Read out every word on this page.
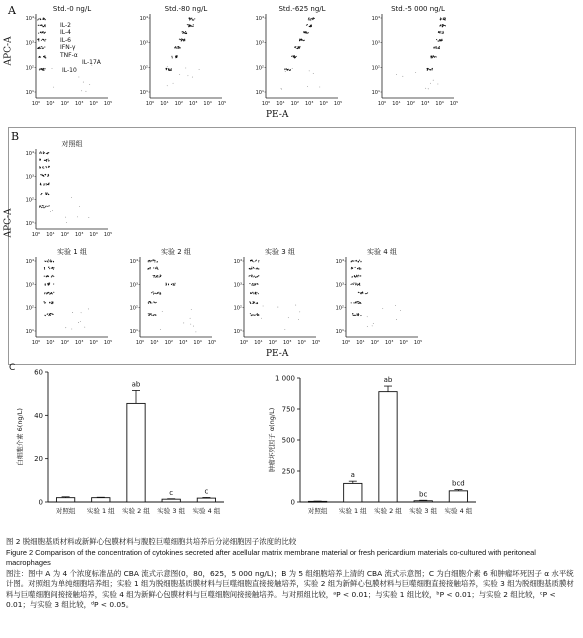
A
APC-A
PE-A
Std.-0 ng/L
10⁴
10³
10²
10¹
10⁰ 10¹ 10² 10³ 10⁴ 10⁵
Std.-80 ng/L
10⁴
10³
10²
10¹
10⁰ 10¹ 10² 10³ 10⁴ 10⁵
Std.-625 ng/L
10⁴
10³
10²
10¹
10⁰ 10¹ 10² 10³ 10⁴ 10⁵
Std.-5 000 ng/L
10⁴
10³
10²
10¹
10⁰ 10¹ 10² 10³ 10⁴ 10⁵
IL-2
IL-4
IL-6
IFN-γ
TNF-α
IL-17A
IL-10
B
APC-A
PE-A
对照组
10⁴
10³
10²
10¹
10⁰ 10¹ 10² 10³ 10⁴ 10⁵
实验 1 组
10⁴
10³
10²
10¹
10⁰ 10¹ 10² 10³ 10⁴ 10⁵
实验 2 组
10⁴
10³
10²
10¹
10⁰ 10¹ 10² 10³ 10⁴ 10⁵
实验 3 组
10⁴
10³
10²
10¹
10⁰ 10¹ 10² 10³ 10⁴ 10⁵
实验 4 组
10⁴
10³
10²
10¹
10⁰ 10¹ 10² 10³ 10⁴ 10⁵
C
0
20
40
60
白细胞介素 6(ng/L)
对照组 实验 1 组
ab
实验 2 组
c
实验 3 组
c
实验 4 组
0
250
500
750
1 000
肿瘤坏死因子 α(ng/L)
对照组
a
实验 1 组
ab
实验 2 组
bc
实验 3 组
bcd
实验 4 组
图 2 脱细胞基质材料或新鲜心包膜材料与腹腔巨噬细胞共培养后分泌细胞因子浓度的比较
Figure 2 Comparison of the concentration of cytokines secreted after acellular matrix membrane material or fresh pericardium materials co-cultured with peritoneal macrophages
图注：图中 A 为 4 个浓度标准品的 CBA 流式示意图(0，80，625，5 000 ng/L)；B 为 5 组细胞培养上清的 CBA 流式示意图；C 为白细胞介素 6 和肿瘤坏死因子 α 水平统计图。对照组为单纯细胞培养组；实验 1 组为脱细胞基质膜材料与巨噬细胞直接接触培养，实验 2 组为新鲜心包膜材料与巨噬细胞直接接触培养，实验 3 组为脱细胞基质膜材料与巨噬细胞间接接触培养，实验 4 组为新鲜心包膜材料与巨噬细胞间接接触培养。与对照组比较，ᵃP < 0.01；与实验 1 组比较，ᵇP < 0.01；与实验 2 组比较，ᶜP < 0.01；与实验 3 组比较，ᵈP < 0.05。
